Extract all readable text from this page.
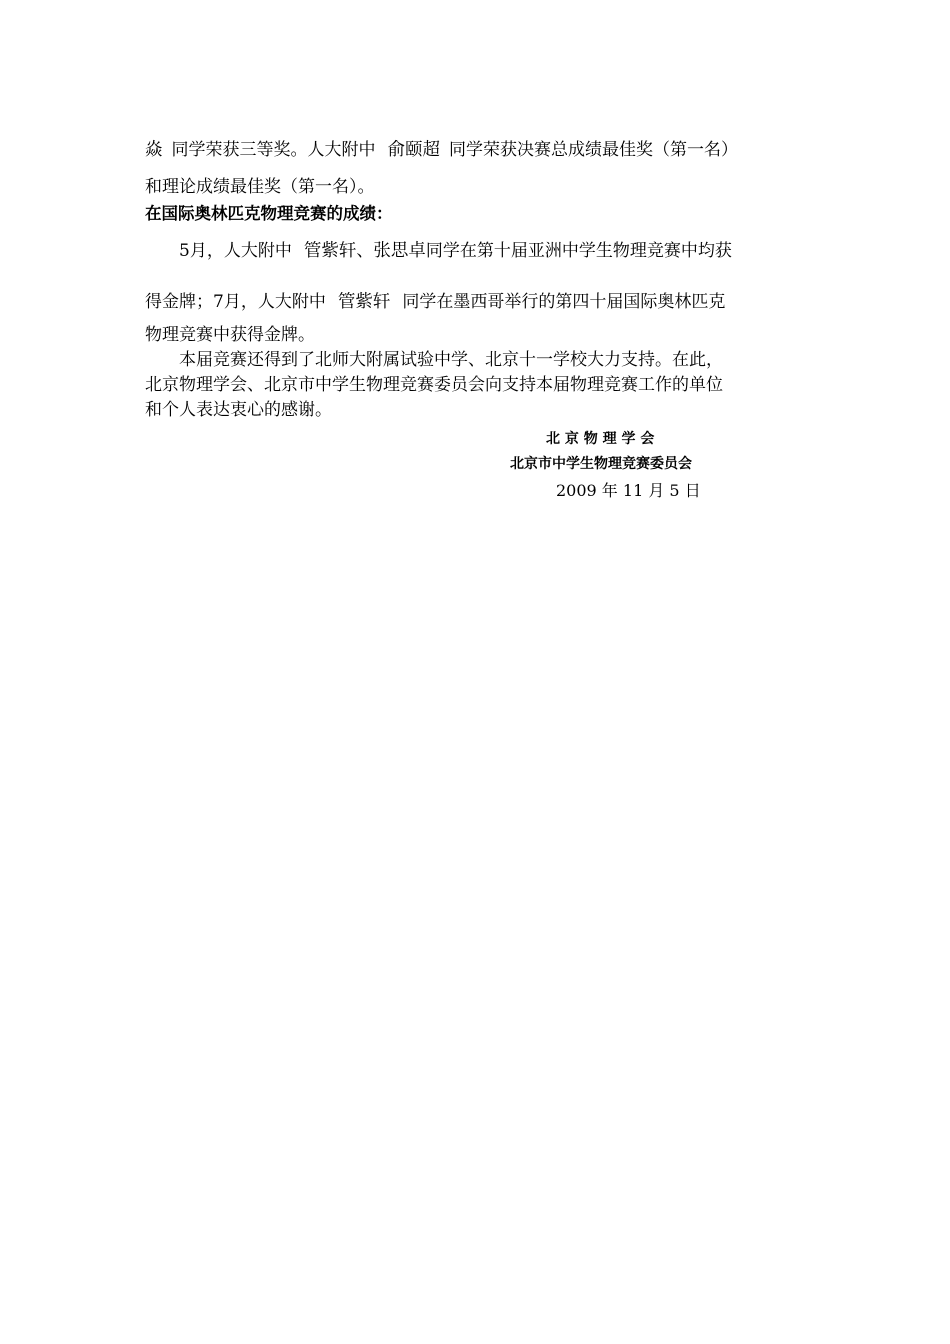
焱 同学荣获三等奖。人大附中 俞颐超 同学荣获决赛总成绩最佳奖（第一名）
和理论成绩最佳奖（第一名）。
在国际奥林匹克物理竞赛的成绩：
5月，人大附中 管紫轩、张思卓同学在第十届亚洲中学生物理竞赛中均获
得金牌；7月，人大附中 管紫轩 同学在墨西哥举行的第四十届国际奥林匹克
物理竞赛中获得金牌。
本届竞赛还得到了北师大附属试验中学、北京十一学校大力支持。在此，
北京物理学会、北京市中学生物理竞赛委员会向支持本届物理竞赛工作的单位
和个人表达衷心的感谢。
北 京 物 理 学 会
北京市中学生物理竞赛委员会
2009 年 11 月 5 日
